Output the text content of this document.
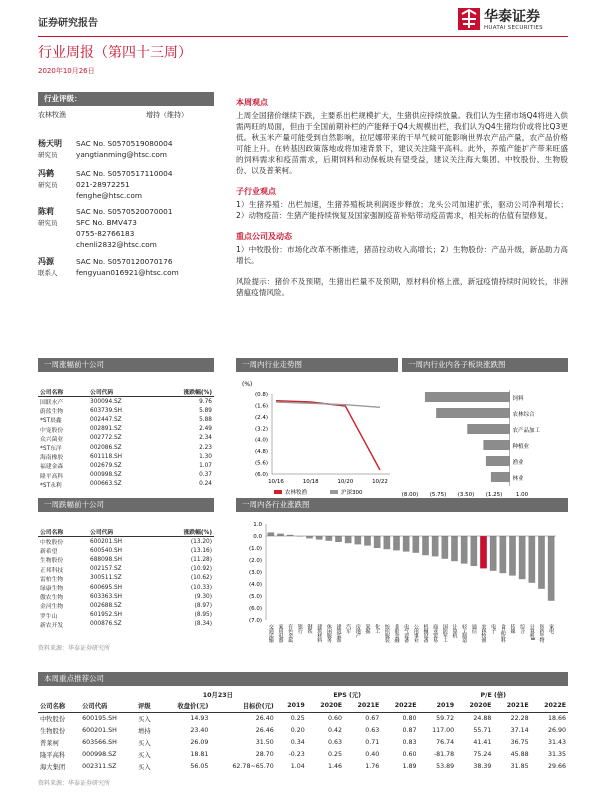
证券研究报告	华泰证券
HUATAI SECURITIES
行业周报（第四十三周）
2020年10月26日
行业评级：
农林牧渔	增持（维持）
杨天明
研究员
SAC No. S0570519080004
yangtianming@htsc.com
冯鹤
研究员
SAC No. S0570517110004
021-28972251
fenghe@htsc.com
陈莉
研究员
SAC No. S0570520070001
SFC No. BMV473
0755-82766183
chenli2832@htsc.com
冯源
联系人
SAC No. S0570120070176
fengyuan016921@htsc.com
本周观点
上周全国猪价继续下跌，主要系出栏规模扩大，生猪供应持续放量。我们认为生猪市场Q4将进入供需两旺的局面，但由于全国前期补栏的产能释于Q4大规模出栏，我们认为Q4生猪均价或将比Q3更低。秋玉米产量可能受到自然影响，拉尼娜带来的干旱气候可能影响世界农产品产量，农产品价格可能上升。在转基因政策落地或将加速背景下，建议关注隆平高科。此外，养殖产能扩产带来旺盛的饲料需求和疫苗需求，后期饲料和动保板块有望受益，建议关注海大集团、中牧股份、生物股份、以及普莱柯。
子行业观点
1）生猪养殖：出栏加速，生猪养殖板块利润逐步释放；龙头公司加速扩张，驱动公司净利增长；2）动物疫苗：生猪产能持续恢复及国家强制疫苗补贴带动疫苗需求，相关标的估值有望修复。
重点公司及动态
1）中牧股份：市场化改革不断推进，猪苗拉动收入高增长；2）生物股份：产品升级，新品助力高增长。
风险提示：猪价不及预期，生猪出栏量不及预期，原材料价格上涨，新冠疫情持续时间较长，非洲猪瘟疫情风险。
一周涨幅前十公司
公司名称	公司代码	涨跌幅(%)
国联水产	300094.SZ	9.76
蔚蓝生物	603739.SH	5.89
*ST晨鑫	002447.SZ	5.88
中宠股份	002891.SZ	2.49
众兴菌业	002772.SZ	2.34
*ST东洋	002086.SZ	2.23
海南橡胶	601118.SH	1.30
福建金森	002679.SZ	1.07
隆平高科	000998.SZ	0.37
*ST永利	000663.SZ	0.24
一周跌幅前十公司
公司名称	公司代码	涨跌幅(%)
中牧股份	600201.SH	(13.20)
新希望	600540.SH	(13.16)
生物股份	688098.SH	(11.28)
正邦科技	002157.SZ	(10.92)
雷柏生物	300511.SZ	(10.62)
绿康生物	600695.SH	(10.33)
傲农生物	603363.SH	(9.30)
金河生物	002688.SZ	(8.97)
罗牛山	601952.SH	(8.95)
新农开发	000876.SZ	(8.34)
资料来源：华泰证券研究所
一周内行业走势图
(%)
(0.8)
(1.6)
(2.4)
(3.2)
(4.0)
(4.8)
(5.6)
(6.0)
10/16	10/18	10/20	10/22
农林牧渔	沪深300
一周内行业内各子板块涨跌图
饲料
农林综合
农产品加工
种植业
渔业
林业
(8.00) (5.75) (3.50) (1.25) 1.00
一周内各行业涨跌图
1.0
0.0
(1.0)
(2.0)
(3.0)
(4.0)
(5.0)
(6.0)
(7.0)
交通运输 家用电器 有色金属 银行 钢铁 建筑材料 休闲服务 建筑装饰 汽车 房地产 采掘 化工 纺织服装 非银金融 电气设备 公用事业 机械设备 商业贸易 国防军工 计算机 轻工制造 通信 农林牧渔 电子 食品饮料 传媒 综合 计算机II 医药生物 家电
本周重点推荐公司
			10月23日		EPS (元)				P/E (倍)			
公司名称	公司代码	评级	收盘价(元)	目标价(元)	2019	2020E	2021E	2022E	2019	2020E	2021E	2022E
中牧股份	600195.SH	买入	14.93	26.40	0.25	0.60	0.67	0.80	59.72	24.88	22.28	18.66
生物股份	600201.SH	增持	23.40	26.46	0.20	0.42	0.63	0.87	117.00	55.71	37.14	26.90
普莱柯	603566.SH	买入	26.09	31.50	0.34	0.63	0.71	0.83	76.74	41.41	36.75	31.43
隆平高科	000998.SZ	买入	18.81	28.70	-0.23	0.25	0.40	0.60	-81.78	75.24	45.88	31.35
海大集团	002311.SZ	买入	56.05	62.78~65.70	1.04	1.46	1.76	1.89	53.89	38.39	31.85	29.66
资料来源：华泰证券研究所
